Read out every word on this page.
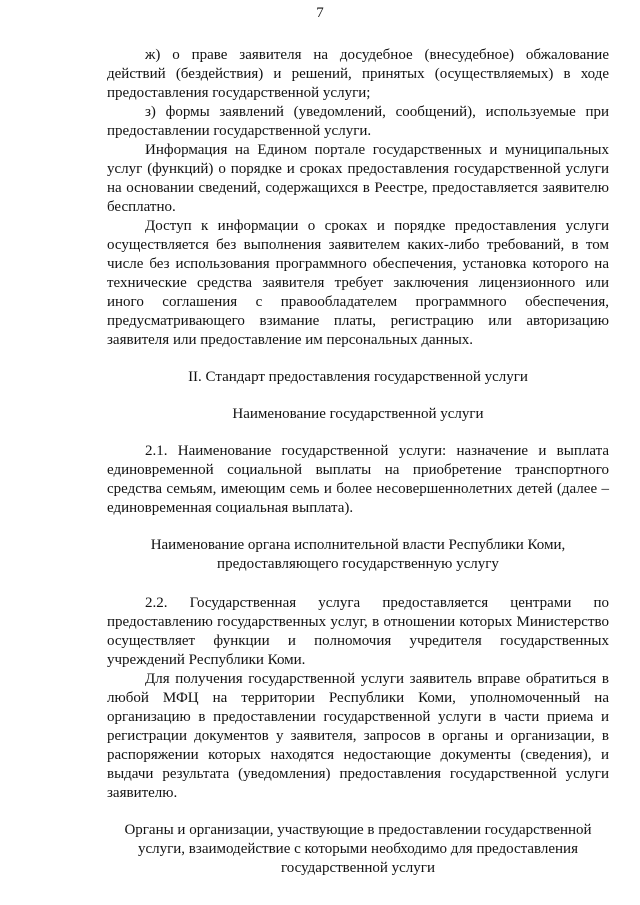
7

ж) о праве заявителя на досудебное (внесудебное) обжалование действий (бездействия) и решений, принятых (осуществляемых) в ходе предоставления государственной услуги;

з) формы заявлений (уведомлений, сообщений), используемые при предоставлении государственной услуги.

Информация на Едином портале государственных и муниципальных услуг (функций) о порядке и сроках предоставления государственной услуги на основании сведений, содержащихся в Реестре, предоставляется заявителю бесплатно.

Доступ к информации о сроках и порядке предоставления услуги осуществляется без выполнения заявителем каких-либо требований, в том числе без использования программного обеспечения, установка которого на технические средства заявителя требует заключения лицензионного или иного соглашения с правообладателем программного обеспечения, предусматривающего взимание платы, регистрацию или авторизацию заявителя или предоставление им персональных данных.

II. Стандарт предоставления государственной услуги

Наименование государственной услуги

2.1. Наименование государственной услуги: назначение и выплата единовременной социальной выплаты на приобретение транспортного средства семьям, имеющим семь и более несовершеннолетних детей (далее – единовременная социальная выплата).

Наименование органа исполнительной власти Республики Коми,

предоставляющего государственную услугу

2.2. Государственная услуга предоставляется центрами по предоставлению государственных услуг, в отношении которых Министерство осуществляет функции и полномочия учредителя государственных учреждений Республики Коми.

Для получения государственной услуги заявитель вправе обратиться в любой МФЦ на территории Республики Коми, уполномоченный на организацию в предоставлении государственной услуги в части приема и регистрации документов у заявителя, запросов в органы и организации, в распоряжении которых находятся недостающие документы (сведения), и выдачи результата (уведомления) предоставления государственной услуги заявителю.

Органы и организации, участвующие в предоставлении государственной

услуги, взаимодействие с которыми необходимо для предоставления

государственной услуги
